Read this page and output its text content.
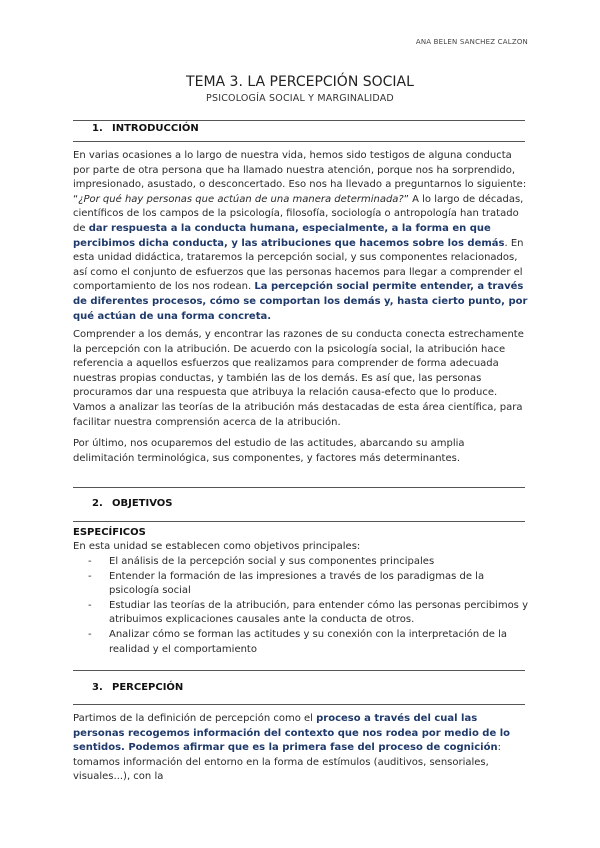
ANA BELEN SANCHEZ CALZON
TEMA 3. LA PERCEPCIÓN SOCIAL
PSICOLOGÍA SOCIAL Y MARGINALIDAD
1. INTRODUCCIÓN
En varias ocasiones a lo largo de nuestra vida, hemos sido testigos de alguna conducta por parte de otra persona que ha llamado nuestra atención, porque nos ha sorprendido, impresionado, asustado, o desconcertado. Eso nos ha llevado a preguntarnos lo siguiente: “¿Por qué hay personas que actúan de una manera determinada?” A lo largo de décadas, científicos de los campos de la psicología, filosofía, sociología o antropología han tratado de dar respuesta a la conducta humana, especialmente, a la forma en que percibimos dicha conducta, y las atribuciones que hacemos sobre los demás. En esta unidad didáctica, trataremos la percepción social, y sus componentes relacionados, así como el conjunto de esfuerzos que las personas hacemos para llegar a comprender el comportamiento de los nos rodean. La percepción social permite entender, a través de diferentes procesos, cómo se comportan los demás y, hasta cierto punto, por qué actúan de una forma concreta.
Comprender a los demás, y encontrar las razones de su conducta conecta estrechamente la percepción con la atribución. De acuerdo con la psicología social, la atribución hace referencia a aquellos esfuerzos que realizamos para comprender de forma adecuada nuestras propias conductas, y también las de los demás. Es así que, las personas procuramos dar una respuesta que atribuya la relación causa-efecto que lo produce. Vamos a analizar las teorías de la atribución más destacadas de esta área científica, para facilitar nuestra comprensión acerca de la atribución.
Por último, nos ocuparemos del estudio de las actitudes, abarcando su amplia delimitación terminológica, sus componentes, y factores más determinantes.
2. OBJETIVOS
ESPECÍFICOS
En esta unidad se establecen como objetivos principales:
- El análisis de la percepción social y sus componentes principales
- Entender la formación de las impresiones a través de los paradigmas de la psicología social
- Estudiar las teorías de la atribución, para entender cómo las personas percibimos y atribuimos explicaciones causales ante la conducta de otros.
- Analizar cómo se forman las actitudes y su conexión con la interpretación de la realidad y el comportamiento
3. PERCEPCIÓN
Partimos de la definición de percepción como el proceso a través del cual las personas recogemos información del contexto que nos rodea por medio de lo sentidos. Podemos afirmar que es la primera fase del proceso de cognición: tomamos información del entorno en la forma de estímulos (auditivos, sensoriales, visuales...), con la
